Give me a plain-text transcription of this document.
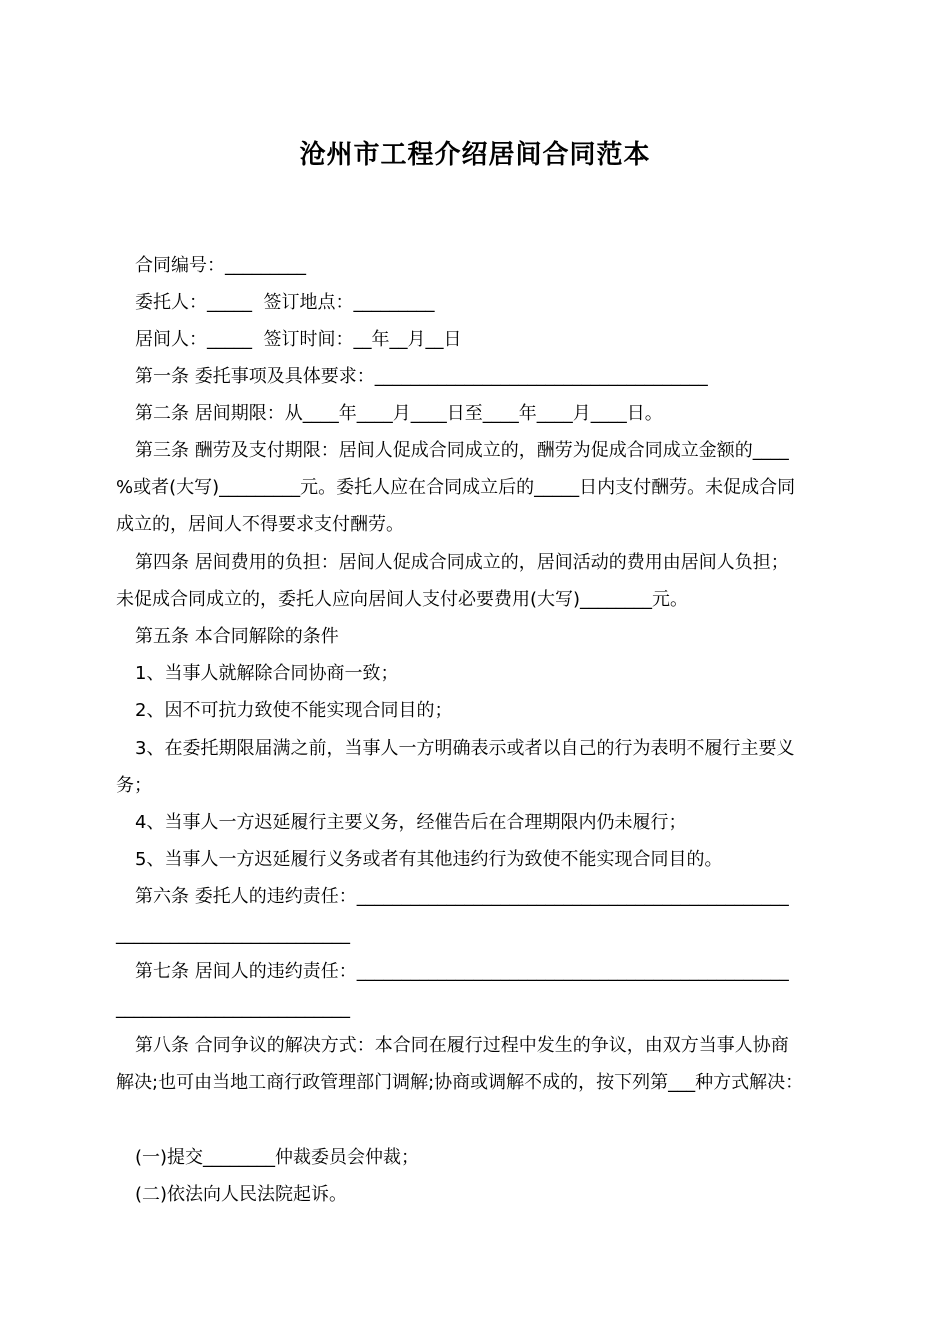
沧州市工程介绍居间合同范本
合同编号：_________
委托人：_____  签订地点：_________
居间人：_____  签订时间：__年__月__日
第一条 委托事项及具体要求：_____________________________________
第二条 居间期限：从____年____月____日至____年____月____日。
第三条 酬劳及支付期限：居间人促成合同成立的，酬劳为促成合同成立金额的____
%或者(大写)_________元。委托人应在合同成立后的_____日内支付酬劳。未促成合同
成立的，居间人不得要求支付酬劳。
第四条 居间费用的负担：居间人促成合同成立的，居间活动的费用由居间人负担；
未促成合同成立的，委托人应向居间人支付必要费用(大写)________元。
第五条 本合同解除的条件
1、当事人就解除合同协商一致；
2、因不可抗力致使不能实现合同目的；
3、在委托期限届满之前，当事人一方明确表示或者以自己的行为表明不履行主要义
务；
4、当事人一方迟延履行主要义务，经催告后在合理期限内仍未履行；
5、当事人一方迟延履行义务或者有其他违约行为致使不能实现合同目的。
第六条 委托人的违约责任：________________________________________________
__________________________
第七条 居间人的违约责任：________________________________________________
__________________________
第八条 合同争议的解决方式：本合同在履行过程中发生的争议，由双方当事人协商
解决;也可由当地工商行政管理部门调解;协商或调解不成的，按下列第___种方式解决：
(一)提交________仲裁委员会仲裁；
(二)依法向人民法院起诉。
